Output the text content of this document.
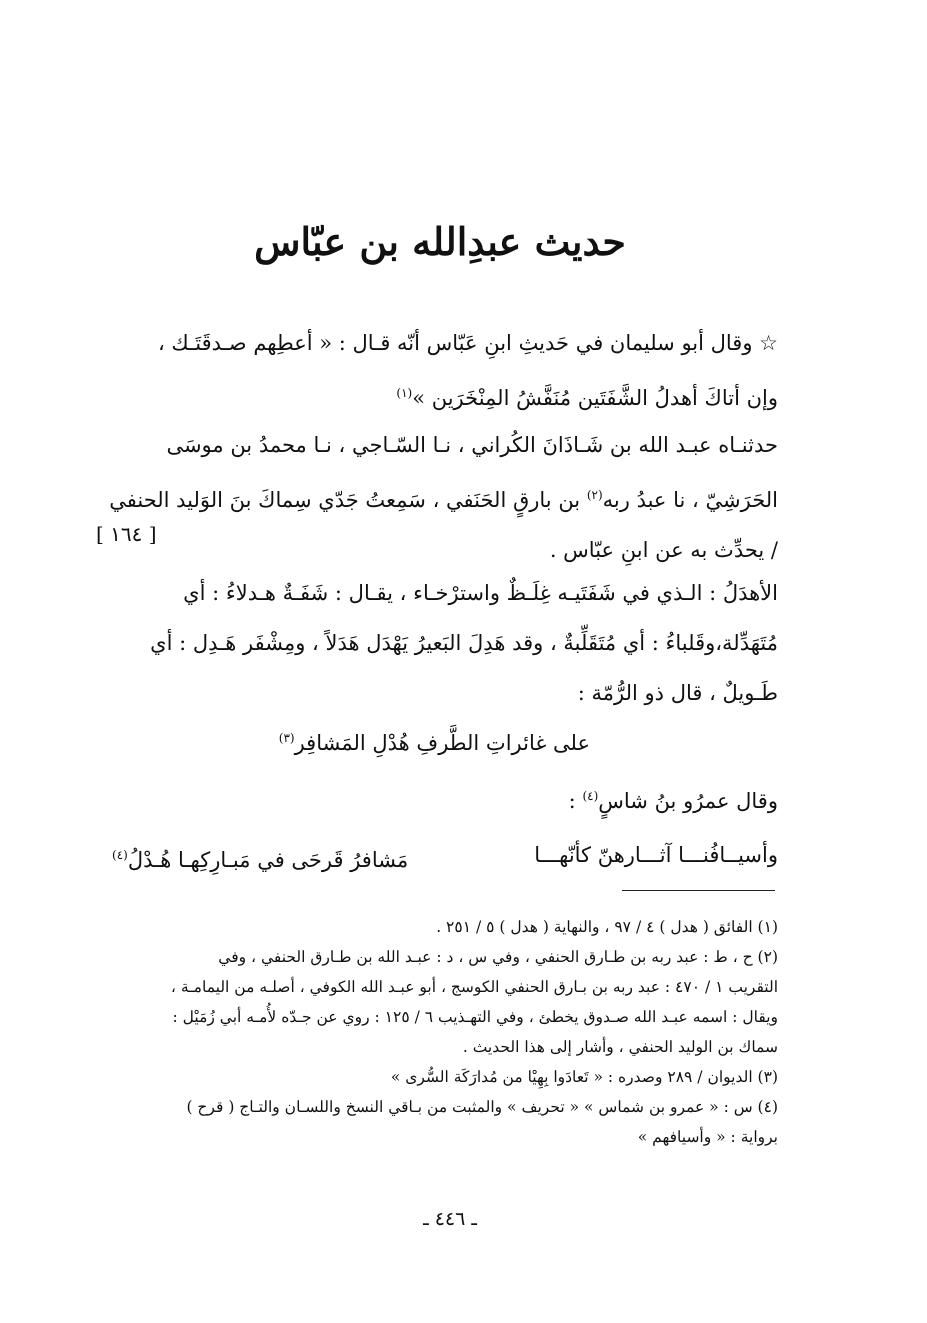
حديث عبدِالله بن عبّاس
☆ وقال أبو سليمان في حَديثِ ابنِ عَبّاس أنّه قـال : « أعطِهم صـدقَتَـك ،
وإن أتاكَ أهدلُ الشَّفَتَين مُنَفَّشُ المِنْخَرَين »$^{(١)}$
حدثنـاه عبـد الله بن شَـاذَانَ الكُراني ، نـا السّـاجي ، نـا محمدُ بن موسَى
الحَرَشِيّ ، نا عبدُ ربه$^{(٢)}$ بن بارقٍ الحَنَفي ، سَمِعتُ جَدّي سِماكَ بنَ الوَليد الحنفي
/ يحدِّث به عن ابنِ عبّاس .
[ ١٦٤ ]
الأهدَلُ : الـذي في شَفَتَيـه غِلَـظٌ واسترْخـاء ، يقـال : شَفَـةٌ هـدلاءُ : أي
مُتَهَدِّلة،وقَلباءُ : أي مُتَقَلِّبةٌ ، وقد هَدِلَ البَعيرُ يَهْدَل هَدَلاً ، ومِشْفَر هَـدِل : أي
طَـويلٌ ، قال ذو الرُّمّة :
على غائراتِ الطَّرفِ هُدْلِ المَشافِر$^{(٣)}$
وقال عمرُو بنُ شاسٍ$^{(٤)}$ :
وأسيــافُنـــا آثـــارهنّ كأنّهـــا
مَشافرُ قَرحَى في مَبـارِكِهـا هُـدْلُ$^{(٤)}$
(١) الفائق ( هدل ) ٤ / ٩٧ ، والنهاية ( هدل ) ٥ / ٢٥١ .
(٢) ح ، ط : عبد ربه بن طـارق الحنفي ، وفي س ، د : عبـد الله بن طـارق الحنفي ، وفي
التقريب ١ / ٤٧٠ : عبد ربه بن بـارق الحنفي الكوسج ، أبو عبـد الله الكوفي ، أصلـه من اليمامـة ،
ويقال : اسمه عبـد الله صـدوق يخطئ ، وفي التهـذيب ٦ / ١٢٥ : روي عن جـدّه لأُمـه أبي زُمَيْل :
سماك بن الوليد الحنفي ، وأشار إلى هذا الحديث .
(٣) الديوان / ٢٨٩ وصدره : « تَعادَوا بِهِيْا من مُدارَكَة السُّرى »
(٤) س : « عمرو بن شماس » « تحريف » والمثبت من بـاقي النسخ واللسـان والتـاج ( قرح )
برواية : « وأسيافهم »
ـ ٤٤٦ ـ
